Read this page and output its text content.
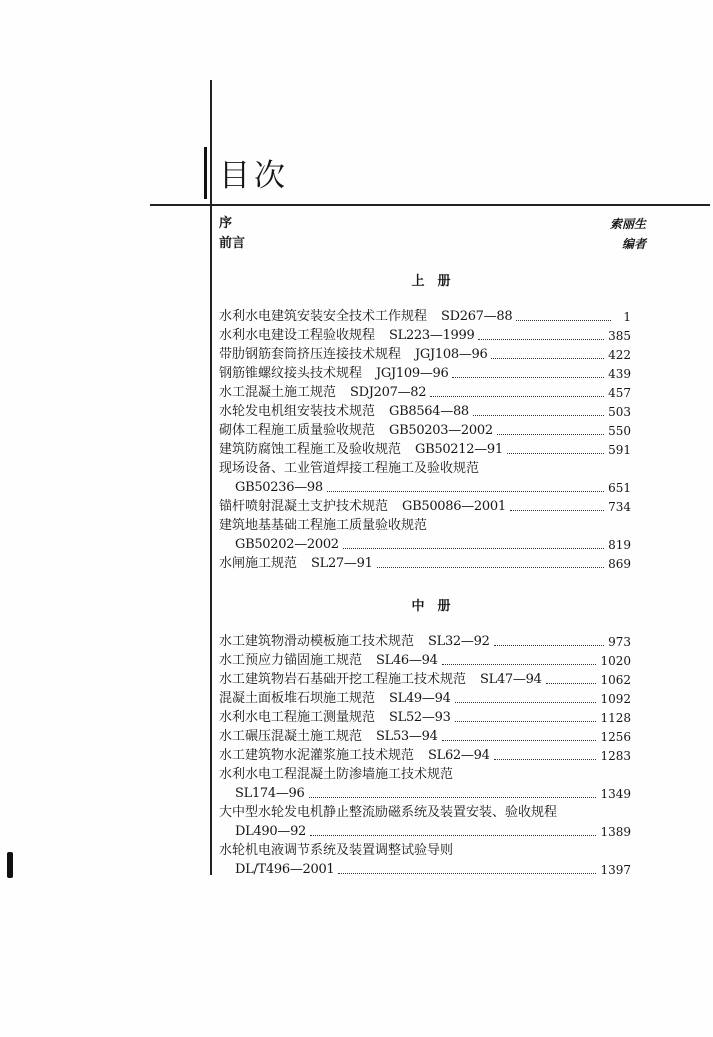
目次
序	索丽生
前言	编者
上　册
水利水电建筑安装安全技术工作规程 SD267—88	1
水利水电建设工程验收规程 SL223—1999	385
带肋钢筋套筒挤压连接技术规程 JGJ108—96	422
钢筋锥螺纹接头技术规程 JGJ109—96	439
水工混凝土施工规范 SDJ207—82	457
水轮发电机组安装技术规范 GB8564—88	503
砌体工程施工质量验收规范 GB50203—2002	550
建筑防腐蚀工程施工及验收规范 GB50212—91	591
现场设备、工业管道焊接工程施工及验收规范
GB50236—98	651
锚杆喷射混凝土支护技术规范 GB50086—2001	734
建筑地基基础工程施工质量验收规范
GB50202—2002	819
水闸施工规范 SL27—91	869
中　册
水工建筑物滑动模板施工技术规范 SL32—92	973
水工预应力锚固施工规范 SL46—94	1020
水工建筑物岩石基础开挖工程施工技术规范 SL47—94	1062
混凝土面板堆石坝施工规范 SL49—94	1092
水利水电工程施工测量规范 SL52—93	1128
水工碾压混凝土施工规范 SL53—94	1256
水工建筑物水泥灌浆施工技术规范 SL62—94	1283
水利水电工程混凝土防渗墙施工技术规范
SL174—96	1349
大中型水轮发电机静止整流励磁系统及装置安装、验收规程
DL490—92	1389
水轮机电液调节系统及装置调整试验导则
DL/T496—2001	1397
